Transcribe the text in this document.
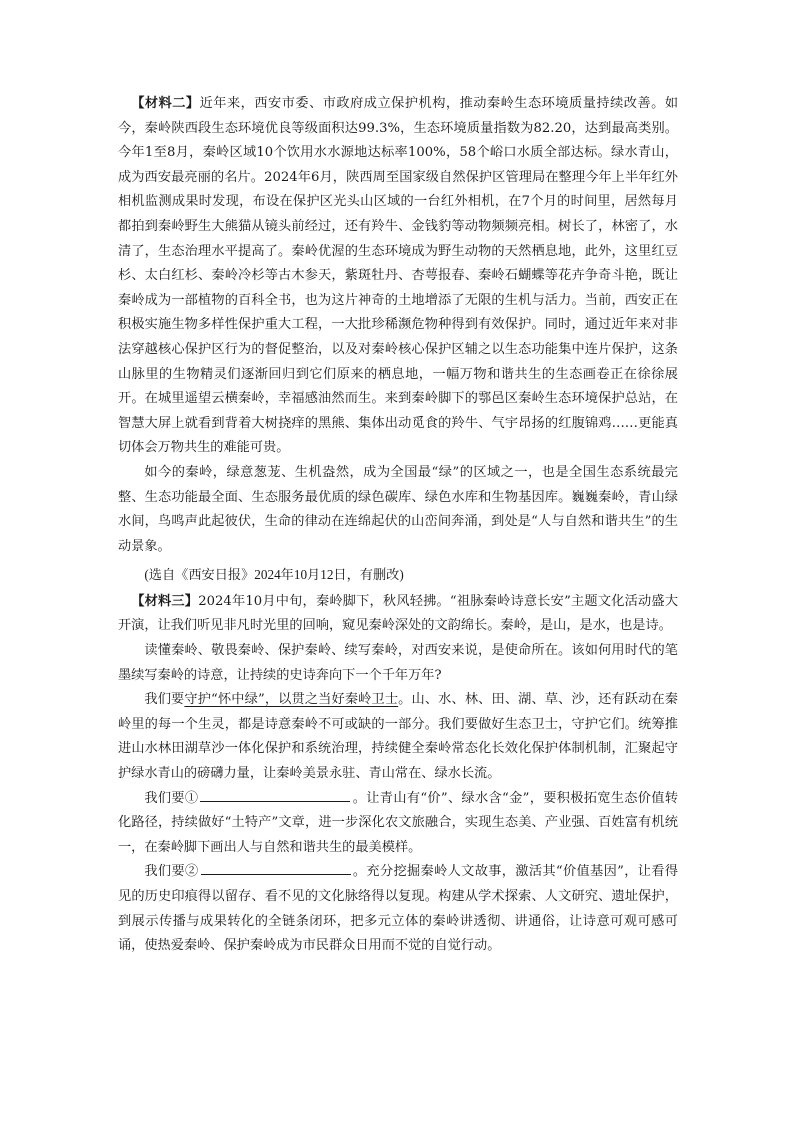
【材料二】近年来，西安市委、市政府成立保护机构，推动秦岭生态环境质量持续改善。如今，秦岭陕西段生态环境优良等级面积达99.3%，生态环境质量指数为82.20，达到最高类别。今年1至8月，秦岭区域10个饮用水水源地达标率100%，58个峪口水质全部达标。绿水青山，成为西安最亮丽的名片。2024年6月，陕西周至国家级自然保护区管理局在整理今年上半年红外相机监测成果时发现，布设在保护区光头山区域的一台红外相机，在7个月的时间里，居然每月都拍到秦岭野生大熊猫从镜头前经过，还有羚牛、金钱豹等动物频频亮相。树长了，林密了，水清了，生态治理水平提高了。秦岭优渥的生态环境成为野生动物的天然栖息地，此外，这里红豆杉、太白红杉、秦岭冷杉等古木参天，紫斑牡丹、杏萼报春、秦岭石蝴蝶等花卉争奇斗艳，既让秦岭成为一部植物的百科全书，也为这片神奇的土地增添了无限的生机与活力。当前，西安正在积极实施生物多样性保护重大工程，一大批珍稀濒危物种得到有效保护。同时，通过近年来对非法穿越核心保护区行为的督促整治，以及对秦岭核心保护区辅之以生态功能集中连片保护，这条山脉里的生物精灵们逐渐回归到它们原来的栖息地，一幅万物和谐共生的生态画卷正在徐徐展开。在城里遥望云横秦岭，幸福感油然而生。来到秦岭脚下的鄠邑区秦岭生态环境保护总站，在智慧大屏上就看到背着大树挠痒的黑熊、集体出动觅食的羚牛、气宇昂扬的红腹锦鸡……更能真切体会万物共生的难能可贵。

如今的秦岭，绿意葱茏、生机盎然，成为全国最“绿”的区域之一，也是全国生态系统最完整、生态功能最全面、生态服务最优质的绿色碳库、绿色水库和生物基因库。巍巍秦岭，青山绿水间，鸟鸣声此起彼伏，生命的律动在连绵起伏的山峦间奔涌，到处是“人与自然和谐共生”的生动景象。

(选自《西安日报》2024年10月12日，有删改)

【材料三】2024年10月中旬，秦岭脚下，秋风轻拂。“祖脉秦岭诗意长安”主题文化活动盛大开演，让我们听见非凡时光里的回响，窥见秦岭深处的文韵绵长。秦岭，是山，是水，也是诗。

读懂秦岭、敬畏秦岭、保护秦岭、续写秦岭，对西安来说，是使命所在。该如何用时代的笔墨续写秦岭的诗意，让持续的史诗奔向下一个千年万年?

我们要守护“怀中绿”，以贯之当好秦岭卫士。山、水、林、田、湖、草、沙，还有跃动在秦岭里的每一个生灵，都是诗意秦岭不可或缺的一部分。我们要做好生态卫士，守护它们。统筹推进山水林田湖草沙一体化保护和系统治理，持续健全秦岭常态化长效化保护体制机制，汇聚起守护绿水青山的磅礴力量，让秦岭美景永驻、青山常在、绿水长流。

我们要①	。让青山有“价”、绿水含“金”，要积极拓宽生态价值转化路径，持续做好“土特产”文章，进一步深化农文旅融合，实现生态美、产业强、百姓富有机统一，在秦岭脚下画出人与自然和谐共生的最美模样。

我们要②	。充分挖掘秦岭人文故事，激活其“价值基因”，让看得见的历史印痕得以留存、看不见的文化脉络得以复现。构建从学术探索、人文研究、遗址保护，到展示传播与成果转化的全链条闭环，把多元立体的秦岭讲透彻、讲通俗，让诗意可观可感可诵，使热爱秦岭、保护秦岭成为市民群众日用而不觉的自觉行动。
